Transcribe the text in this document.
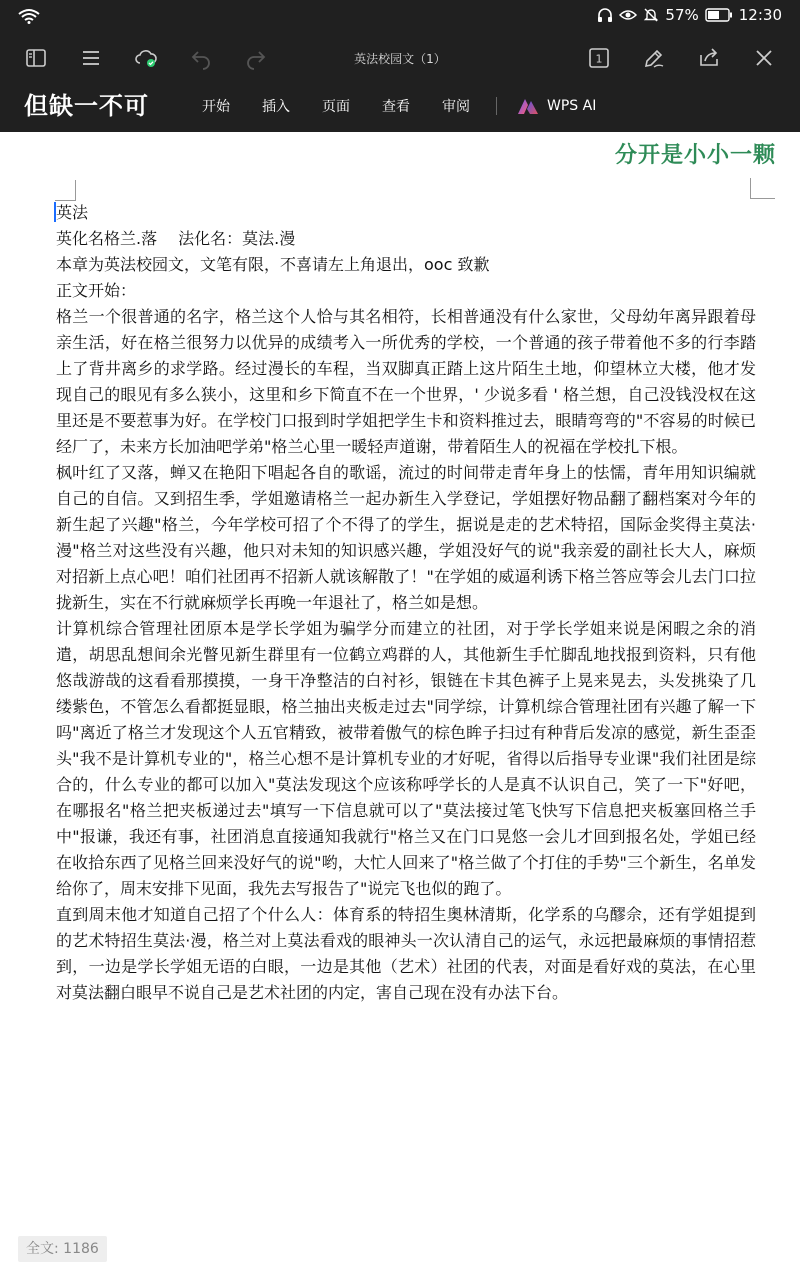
57%	12:30
英法校园文（1）	1
但缺一不可	开始	插入	页面	查看	审阅	WPS AI
分开是小小一颗

英法

英化名格兰.落　 法化名：莫法.漫

本章为英法校园文，文笔有限，不喜请左上角退出，ooc 致歉

正文开始：

格兰一个很普通的名字，格兰这个人恰与其名相符，长相普通没有什么家世，父母幼年离异跟着母亲生活，好在格兰很努力以优异的成绩考入一所优秀的学校，一个普通的孩子带着他不多的行李踏上了背井离乡的求学路。经过漫长的车程，当双脚真正踏上这片陌生土地，仰望林立大楼，他才发现自己的眼见有多么狭小，这里和乡下简直不在一个世界，' 少说多看 ' 格兰想，自己没钱没权在这里还是不要惹事为好。在学校门口报到时学姐把学生卡和资料推过去，眼睛弯弯的"不容易的时候已经厂了，未来方长加油吧学弟"格兰心里一暖轻声道谢，带着陌生人的祝福在学校扎下根。

枫叶红了又落，蝉又在艳阳下唱起各自的歌谣，流过的时间带走青年身上的怯懦，青年用知识编就自己的自信。又到招生季，学姐邀请格兰一起办新生入学登记，学姐摆好物品翻了翻档案对今年的新生起了兴趣"格兰，今年学校可招了个不得了的学生，据说是走的艺术特招，国际金奖得主莫法·漫"格兰对这些没有兴趣，他只对未知的知识感兴趣，学姐没好气的说"我亲爱的副社长大人，麻烦对招新上点心吧！咱们社团再不招新人就该解散了！"在学姐的威逼利诱下格兰答应等会儿去门口拉拢新生，实在不行就麻烦学长再晚一年退社了，格兰如是想。

计算机综合管理社团原本是学长学姐为骗学分而建立的社团，对于学长学姐来说是闲暇之余的消遣，胡思乱想间余光瞥见新生群里有一位鹤立鸡群的人，其他新生手忙脚乱地找报到资料，只有他悠哉游哉的这看看那摸摸，一身干净整洁的白衬衫，银链在卡其色裤子上晃来晃去，头发挑染了几缕紫色，不管怎么看都挺显眼，格兰抽出夹板走过去"同学综，计算机综合管理社团有兴趣了解一下吗"离近了格兰才发现这个人五官精致，被带着傲气的棕色眸子扫过有种背后发凉的感觉，新生歪歪头"我不是计算机专业的"，格兰心想不是计算机专业的才好呢，省得以后指导专业课"我们社团是综合的，什么专业的都可以加入"莫法发现这个应该称呼学长的人是真不认识自己，笑了一下"好吧，在哪报名"格兰把夹板递过去"填写一下信息就可以了"莫法接过笔飞快写下信息把夹板塞回格兰手中"报谦，我还有事，社团消息直接通知我就行"格兰又在门口晃悠一会儿才回到报名处，学姐已经在收拾东西了见格兰回来没好气的说"哟，大忙人回来了"格兰做了个打住的手势"三个新生，名单发给你了，周末安排下见面，我先去写报告了"说完飞也似的跑了。

直到周末他才知道自己招了个什么人：体育系的特招生奥林清斯，化学系的乌醪佘，还有学姐提到的艺术特招生莫法·漫，格兰对上莫法看戏的眼神头一次认清自己的运气，永远把最麻烦的事情招惹到，一边是学长学姐无语的白眼，一边是其他（艺术）社团的代表，对面是看好戏的莫法，在心里对莫法翻白眼早不说自己是艺术社团的内定，害自己现在没有办法下台。

全文: 1186
